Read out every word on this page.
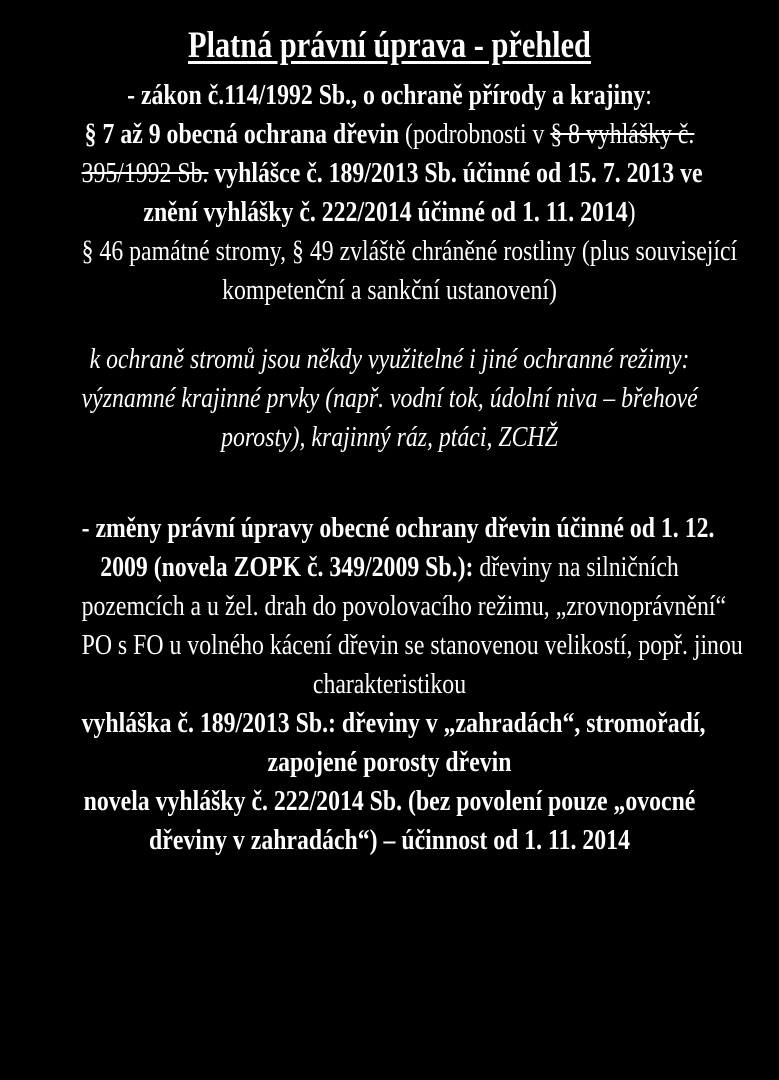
Platná právní úprava - přehled
- zákon č.114/1992 Sb., o ochraně přírody a krajiny:
§ 7 až 9 obecná ochrana dřevin (podrobnosti v § 8 vyhlášky č.
395/1992 Sb. vyhlášce č. 189/2013 Sb. účinné od 15. 7. 2013 ve
znění vyhlášky č. 222/2014 účinné od 1. 11. 2014)
§ 46 památné stromy, § 49 zvláště chráněné rostliny (plus související
kompetenční a sankční ustanovení)
k ochraně stromů jsou někdy využitelné i jiné ochranné režimy:
významné krajinné prvky (např. vodní tok, údolní niva – břehové
porosty), krajinný ráz, ptáci, ZCHŽ
- změny právní úpravy obecné ochrany dřevin účinné od 1. 12.
2009 (novela ZOPK č. 349/2009 Sb.): dřeviny na silničních
pozemcích a u žel. drah do povolovacího režimu, „zrovnoprávnění“
PO s FO u volného kácení dřevin se stanovenou velikostí, popř. jinou
charakteristikou
vyhláška č. 189/2013 Sb.: dřeviny v „zahradách“, stromořadí,
zapojené porosty dřevin
novela vyhlášky č. 222/2014 Sb. (bez povolení pouze „ovocné
dřeviny v zahradách“) – účinnost od 1. 11. 2014
